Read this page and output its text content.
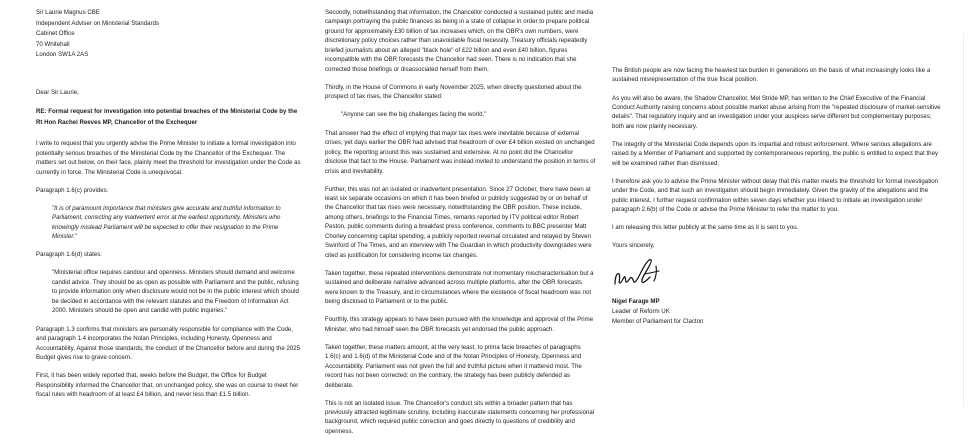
Sir Laurie Magnus CBE

Independent Adviser on Ministerial Standards

Cabinet Office

70 Whitehall

London SW1A 2AS

Dear Sir Laurie,

RE: Formal request for investigation into potential breaches of the Ministerial Code by the Rt Hon Rachel Reeves MP, Chancellor of the Exchequer

I write to request that you urgently advise the Prime Minister to initiate a formal investigation into potentially serious breaches of the Ministerial Code by the Chancellor of the Exchequer. The matters set out below, on their face, plainly meet the threshold for investigation under the Code as currently in force. The Ministerial Code is unequivocal.

Paragraph 1.6(c) provides:

"It is of paramount importance that ministers give accurate and truthful information to Parliament, correcting any inadvertent error at the earliest opportunity. Ministers who knowingly mislead Parliament will be expected to offer their resignation to the Prime Minister."

Paragraph 1.6(d) states:

"Ministerial office requires candour and openness. Ministers should demand and welcome candid advice. They should be as open as possible with Parliament and the public, refusing to provide information only when disclosure would not be in the public interest which should be decided in accordance with the relevant statutes and the Freedom of Information Act 2000. Ministers should be open and candid with public inquiries."

Paragraph 1.3 confirms that ministers are personally responsible for compliance with the Code, and paragraph 1.4 incorporates the Nolan Principles, including Honesty, Openness and Accountability. Against those standards, the conduct of the Chancellor before and during the 2025 Budget gives rise to grave concern.

First, it has been widely reported that, weeks before the Budget, the Office for Budget Responsibility informed the Chancellor that, on unchanged policy, she was on course to meet her fiscal rules with headroom of at least £4 billion, and never less than £1.5 billion.

Secondly, notwithstanding that information, the Chancellor conducted a sustained public and media campaign portraying the public finances as being in a state of collapse in order to prepare political ground for approximately £30 billion of tax increases which, on the OBR's own numbers, were discretionary policy choices rather than unavoidable fiscal necessity. Treasury officials repeatedly briefed journalists about an alleged "black hole" of £22 billion and even £40 billion, figures incompatible with the OBR forecasts the Chancellor had seen. There is no indication that she corrected those briefings or disassociated herself from them.

Thirdly, in the House of Commons in early November 2025, when directly questioned about the prospect of tax rises, the Chancellor stated:

"Anyone can see the big challenges facing the world."

That answer had the effect of implying that major tax rises were inevitable because of external crises, yet days earlier the OBR had advised that headroom of over £4 billion existed on unchanged policy, the reporting around this was sustained and extensive. At no point did the Chancellor disclose that fact to the House. Parliament was instead invited to understand the position in terms of crisis and inevitability.

Further, this was not an isolated or inadvertent presentation. Since 27 October, there have been at least six separate occasions on which it has been briefed or publicly suggested by or on behalf of the Chancellor that tax rises were necessary, notwithstanding the OBR position. These include, among others, briefings to the Financial Times, remarks reported by ITV political editor Robert Peston, public comments during a breakfast press conference, comments to BBC presenter Matt Chorley concerning capital spending, a publicly reported reversal circulated and relayed by Steven Swinford of The Times, and an interview with The Guardian in which productivity downgrades were cited as justification for considering income tax changes.

Taken together, these repeated interventions demonstrate not momentary mischaracterisation but a sustained and deliberate narrative advanced across multiple platforms, after the OBR forecasts were known to the Treasury, and in circumstances where the existence of fiscal headroom was not being disclosed to Parliament or to the public.

Fourthly, this strategy appears to have been pursued with the knowledge and approval of the Prime Minister, who had himself seen the OBR forecasts yet endorsed the public approach.

Taken together, these matters amount, at the very least, to prima facie breaches of paragraphs 1.6(c) and 1.6(d) of the Ministerial Code and of the Nolan Principles of Honesty, Openness and Accountability. Parliament was not given the full and truthful picture when it mattered most. The record has not been corrected; on the contrary, the strategy has been publicly defended as deliberate.

This is not an isolated issue. The Chancellor's conduct sits within a broader pattern that has previously attracted legitimate scrutiny, including inaccurate statements concerning her professional background, which required public correction and goes directly to questions of credibility and openness.

The British people are now facing the heaviest tax burden in generations on the basis of what increasingly looks like a sustained misrepresentation of the true fiscal position.

As you will also be aware, the Shadow Chancellor, Mel Stride MP, has written to the Chief Executive of the Financial Conduct Authority raising concerns about possible market abuse arising from the "repeated disclosure of market-sensitive details". That regulatory inquiry and an investigation under your auspices serve different but complementary purposes; both are now plainly necessary.

The integrity of the Ministerial Code depends upon its impartial and robust enforcement. Where serious allegations are raised by a Member of Parliament and supported by contemporaneous reporting, the public is entitled to expect that they will be examined rather than dismissed.

I therefore ask you to advise the Prime Minister without delay that this matter meets the threshold for formal investigation under the Code, and that such an investigation should begin immediately. Given the gravity of the allegations and the public interest, I further request confirmation within seven days whether you intend to initiate an investigation under paragraph 2.6(b) of the Code or advise the Prime Minister to refer the matter to you.

I am releasing this letter publicly at the same time as it is sent to you.

Yours sincerely,

Nigel Farage MP

Leader of Reform UK

Member of Parliament for Clacton
